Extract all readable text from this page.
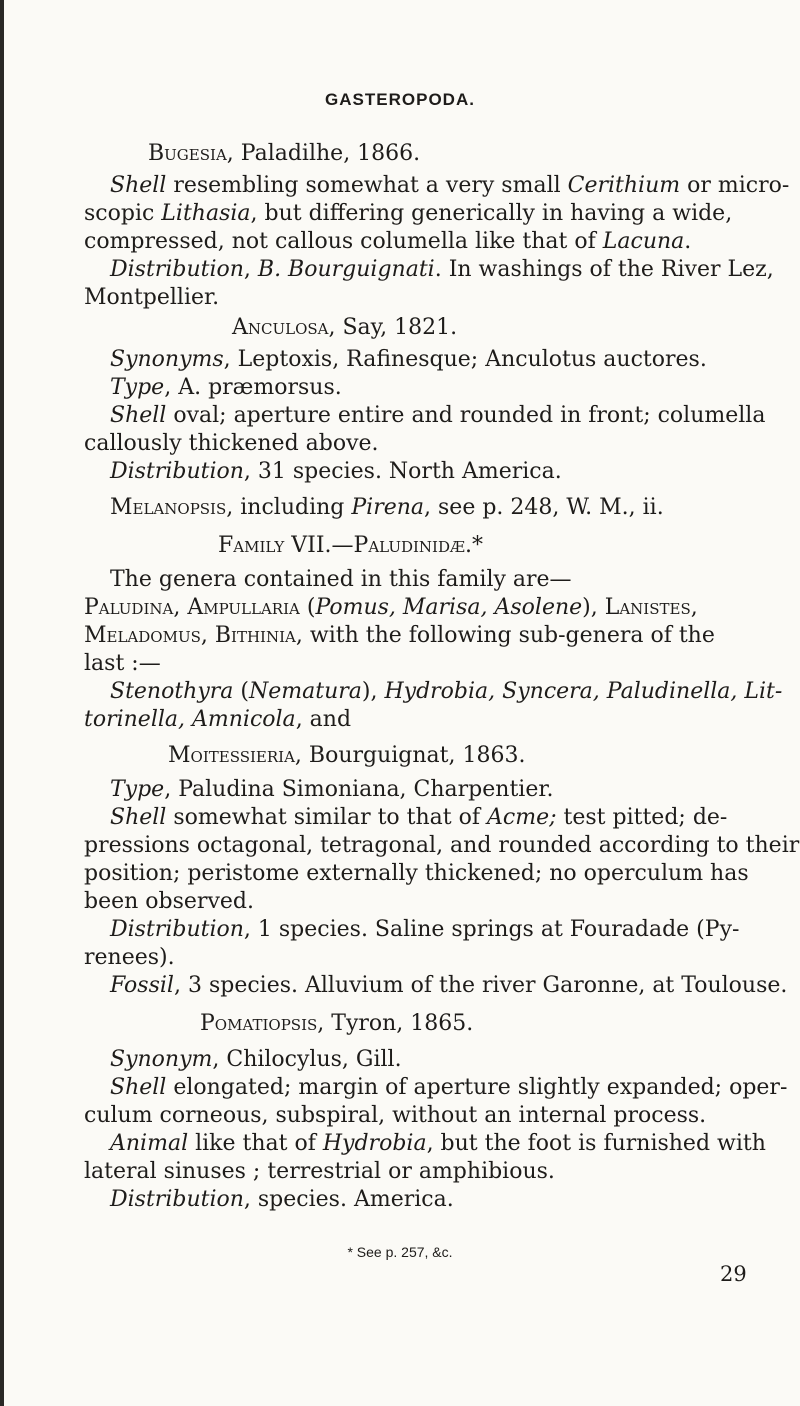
GASTEROPODA.
Bugesia, Paladilhe, 1866.
Shell resembling somewhat a very small Cerithium or micro-
scopic Lithasia, but differing generically in having a wide,
compressed, not callous columella like that of Lacuna.
Distribution, B. Bourguignati. In washings of the River Lez,
Montpellier.
Anculosa, Say, 1821.
Synonyms, Leptoxis, Rafinesque; Anculotus auctores.
Type, A. præmorsus.
Shell oval; aperture entire and rounded in front; columella
callously thickened above.
Distribution, 31 species. North America.
Melanopsis, including Pirena, see p. 248, W. M., ii.
Family VII.—Paludinidæ.*
The genera contained in this family are—
Paludina, Ampullaria (Pomus, Marisa, Asolene), Lanistes,
Meladomus, Bithinia, with the following sub-genera of the
last :—
Stenothyra (Nematura), Hydrobia, Syncera, Paludinella, Lit-
torinella, Amnicola, and
Moitessieria, Bourguignat, 1863.
Type, Paludina Simoniana, Charpentier.
Shell somewhat similar to that of Acme; test pitted; de-
pressions octagonal, tetragonal, and rounded according to their
position; peristome externally thickened; no operculum has
been observed.
Distribution, 1 species. Saline springs at Fouradade (Py-
renees).
Fossil, 3 species. Alluvium of the river Garonne, at Toulouse.
Pomatiopsis, Tyron, 1865.
Synonym, Chilocylus, Gill.
Shell elongated; margin of aperture slightly expanded; oper-
culum corneous, subspiral, without an internal process.
Animal like that of Hydrobia, but the foot is furnished with
lateral sinuses ; terrestrial or amphibious.
Distribution, species. America.
* See p. 257, &c.
29
